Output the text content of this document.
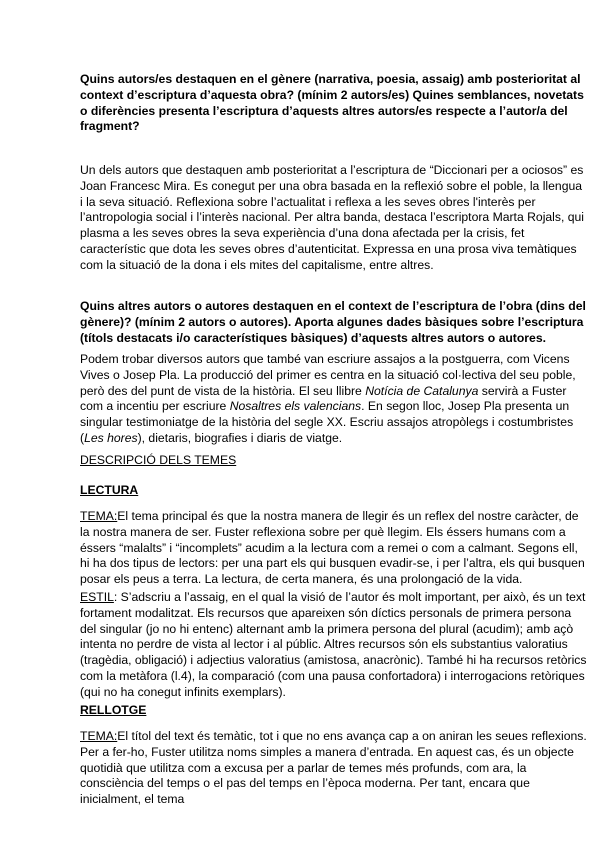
Quins autors/es destaquen en el gènere (narrativa, poesia, assaig) amb posterioritat al context d’escriptura d’aquesta obra? (mínim 2 autors/es) Quines semblances, novetats o diferències presenta l’escriptura d’aquests altres autors/es respecte a l’autor/a del fragment?

Un dels autors que destaquen amb posterioritat a l’escriptura de “Diccionari per a ociosos” es Joan Francesc Mira. Es conegut per una obra basada en la reflexió sobre el poble, la llengua i la seva situació. Reflexiona sobre l’actualitat i reflexa a les seves obres l'interès per l’antropologia social i l’interès nacional. Per altra banda, destaca l’escriptora Marta Rojals, qui plasma a les seves obres la seva experiència d’una dona afectada per la crisis, fet característic que dota les seves obres d’autenticitat. Expressa en una prosa viva temàtiques com la situació de la dona i els mites del capitalisme, entre altres.

Quins altres autors o autores destaquen en el context de l’escriptura de l’obra (dins del gènere)? (mínim 2 autors o autores). Aporta algunes dades bàsiques sobre l’escriptura (títols destacats i/o característiques bàsiques) d’aquests altres autors o autores.

Podem trobar diversos autors que també van escriure assajos a la postguerra, com Vicens Vives o Josep Pla. La producció del primer es centra en la situació col·lectiva del seu poble, però des del punt de vista de la història. El seu llibre Notícia de Catalunya servirà a Fuster com a incentiu per escriure Nosaltres els valencians. En segon lloc, Josep Pla presenta un singular testimoniatge de la història del segle XX. Escriu assajos atropòlegs i costumbristes (Les hores), dietaris, biografies i diaris de viatge.

DESCRIPCIÓ DELS TEMES

LECTURA

TEMA:El tema principal és que la nostra manera de llegir és un reflex del nostre caràcter, de la nostra manera de ser. Fuster reflexiona sobre per què llegim. Els éssers humans com a éssers “malalts” i “incomplets” acudim a la lectura com a remei o com a calmant. Segons ell, hi ha dos tipus de lectors: per una part els qui busquen evadir-se, i per l’altra, els qui busquen posar els peus a terra. La lectura, de certa manera, és una prolongació de la vida.

ESTIL: S’adscriu a l’assaig, en el qual la visió de l’autor és molt important, per això, és un text fortament modalitzat. Els recursos que apareixen són díctics personals de primera persona del singular (jo no hi entenc) alternant amb la primera persona del plural (acudim); amb açò intenta no perdre de vista al lector i al públic. Altres recursos són els substantius valoratius (tragèdia, obligació) i adjectius valoratius (amistosa, anacrònic). També hi ha recursos retòrics com la metàfora (l.4), la comparació (com una pausa confortadora) i interrogacions retòriques (qui no ha conegut infinits exemplars).

RELLOTGE

TEMA:El títol del text és temàtic, tot i que no ens avança cap a on aniran les seues reflexions. Per a fer-ho, Fuster utilitza noms simples a manera d’entrada. En aquest cas, és un objecte quotidià que utilitza com a excusa per a parlar de temes més profunds, com ara, la consciència del temps o el pas del temps en l’època moderna. Per tant, encara que inicialment, el tema
